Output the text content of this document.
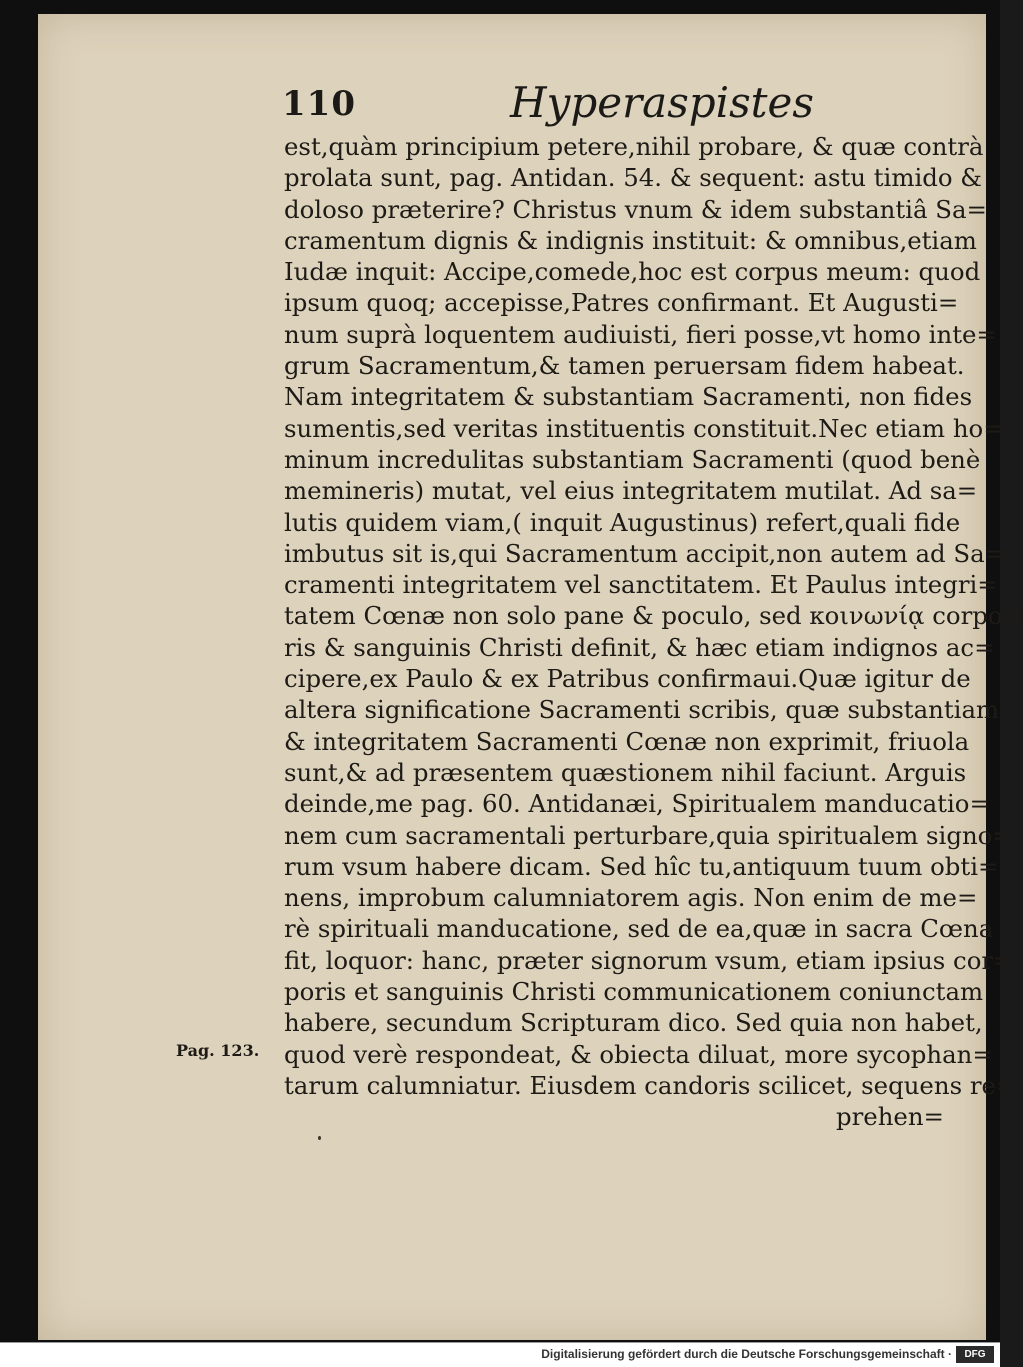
110	Hyperaspistes
est,quàm principium petere,nihil probare, & quæ contrà
prolata sunt, pag. Antidan. 54. & sequent: astu timido &
doloso præterire? Christus vnum & idem substantiâ Sa=
cramentum dignis & indignis instituit: & omnibus,etiam
Iudæ inquit: Accipe,comede,hoc est corpus meum: quod
ipsum quoq; accepisse,Patres confirmant. Et Augusti=
num suprà loquentem audiuisti, fieri posse,vt homo inte=
grum Sacramentum,& tamen peruersam fidem habeat.
Nam integritatem & substantiam Sacramenti, non fides
sumentis,sed veritas instituentis constituit.Nec etiam ho=
minum incredulitas substantiam Sacramenti (quod benè
memineris) mutat, vel eius integritatem mutilat. Ad sa=
lutis quidem viam,( inquit Augustinus) refert,quali fide
imbutus sit is,qui Sacramentum accipit,non autem ad Sa=
cramenti integritatem vel sanctitatem. Et Paulus integri=
tatem Cœnæ non solo pane & poculo, sed κοινωνίᾳ corpo=
ris & sanguinis Christi definit, & hæc etiam indignos ac=
cipere,ex Paulo & ex Patribus confirmaui.Quæ igitur de
altera significatione Sacramenti scribis, quæ substantiam
& integritatem Sacramenti Cœnæ non exprimit, friuola
sunt,& ad præsentem quæstionem nihil faciunt. Arguis
deinde,me pag. 60. Antidanæi, Spiritualem manducatio=
nem cum sacramentali perturbare,quia spiritualem signo=
rum vsum habere dicam. Sed hîc tu,antiquum tuum obti=
nens, improbum calumniatorem agis. Non enim de me=
rè spirituali manducatione, sed de ea,quæ in sacra Cœna
fit, loquor: hanc, præter signorum vsum, etiam ipsius cor=
poris et sanguinis Christi communicationem coniunctam
habere, secundum Scripturam dico. Sed quia non habet,
quod verè respondeat, & obiecta diluat, more sycophan=
tarum calumniatur. Eiusdem candoris scilicet, sequens re=
prehen=
Pag. 123.
Digitalisierung gefördert durch die Deutsche Forschungsgemeinschaft ·	DFG
